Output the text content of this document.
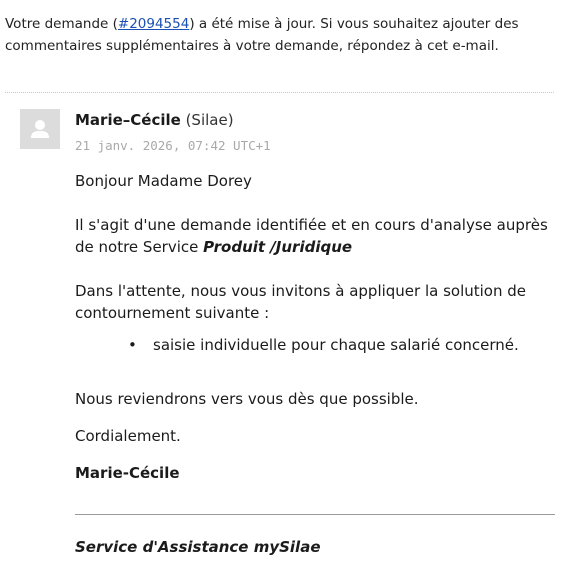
Votre demande (#2094554) a été mise à jour. Si vous souhaitez ajouter des commentaires supplémentaires à votre demande, répondez à cet e-mail.
Marie–Cécile (Silae)
21 janv. 2026, 07:42 UTC+1
Bonjour Madame Dorey
Il s'agit d'une demande identifiée et en cours d'analyse auprès de notre Service Produit /Juridique
Dans l'attente, nous vous invitons à appliquer la solution de contournement suivante :
• saisie individuelle pour chaque salarié concerné.
Nous reviendrons vers vous dès que possible.
Cordialement.
Marie-Cécile
Service d'Assistance mySilae
